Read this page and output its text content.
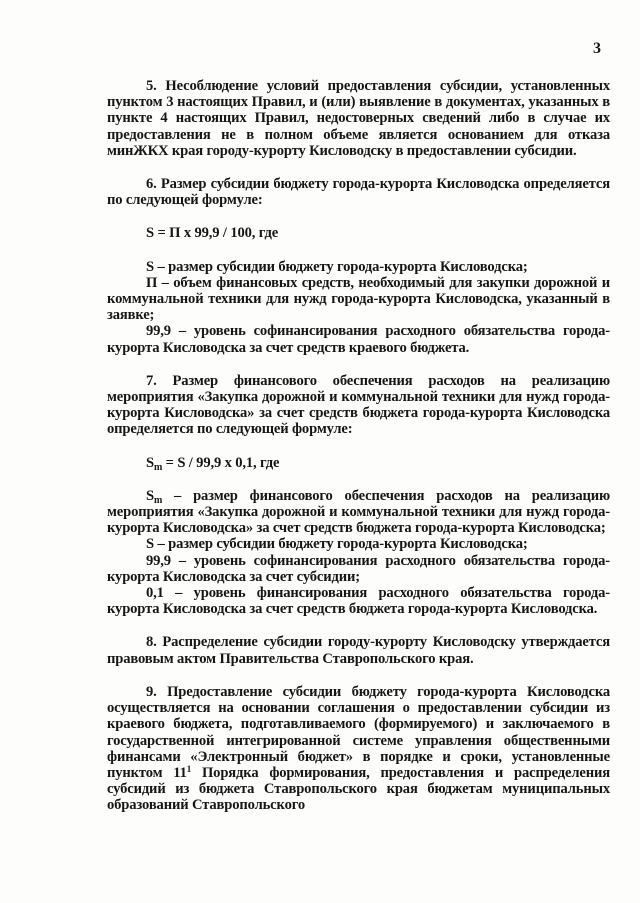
3

5. Несоблюдение условий предоставления субсидии, установленных пунктом 3 настоящих Правил, и (или) выявление в документах, указанных в пункте 4 настоящих Правил, недостоверных сведений либо в случае их предоставления не в полном объеме является основанием для отказа минЖКХ края городу-курорту Кисловодску в предоставлении субсидии.

6. Размер субсидии бюджету города-курорта Кисловодска определяется по следующей формуле:

S = П х 99,9 / 100, где

S – размер субсидии бюджету города-курорта Кисловодска;

П – объем финансовых средств, необходимый для закупки дорожной и коммунальной техники для нужд города-курорта Кисловодска, указанный в заявке;

99,9 – уровень софинансирования расходного обязательства города-курорта Кисловодска за счет средств краевого бюджета.

7. Размер финансового обеспечения расходов на реализацию мероприятия «Закупка дорожной и коммунальной техники для нужд города-курорта Кисловодска» за счет средств бюджета города-курорта Кисловодска определяется по следующей формуле:

$S_m = S / 99,9$ х 0,1, где

$S_m$ – размер финансового обеспечения расходов на реализацию мероприятия «Закупка дорожной и коммунальной техники для нужд города-курорта Кисловодска» за счет средств бюджета города-курорта Кисловодска;

S – размер субсидии бюджету города-курорта Кисловодска;

99,9 – уровень софинансирования расходного обязательства города-курорта Кисловодска за счет субсидии;

0,1 – уровень финансирования расходного обязательства города-курорта Кисловодска за счет средств бюджета города-курорта Кисловодска.

8. Распределение субсидии городу-курорту Кисловодску утверждается правовым актом Правительства Ставропольского края.

9. Предоставление субсидии бюджету города-курорта Кисловодска осуществляется на основании соглашения о предоставлении субсидии из краевого бюджета, подготавливаемого (формируемого) и заключаемого в государственной интегрированной системе управления общественными финансами «Электронный бюджет» в порядке и сроки, установленные пунктом $11^1$ Порядка формирования, предоставления и распределения субсидий из бюджета Ставропольского края бюджетам муниципальных образований Ставропольского
